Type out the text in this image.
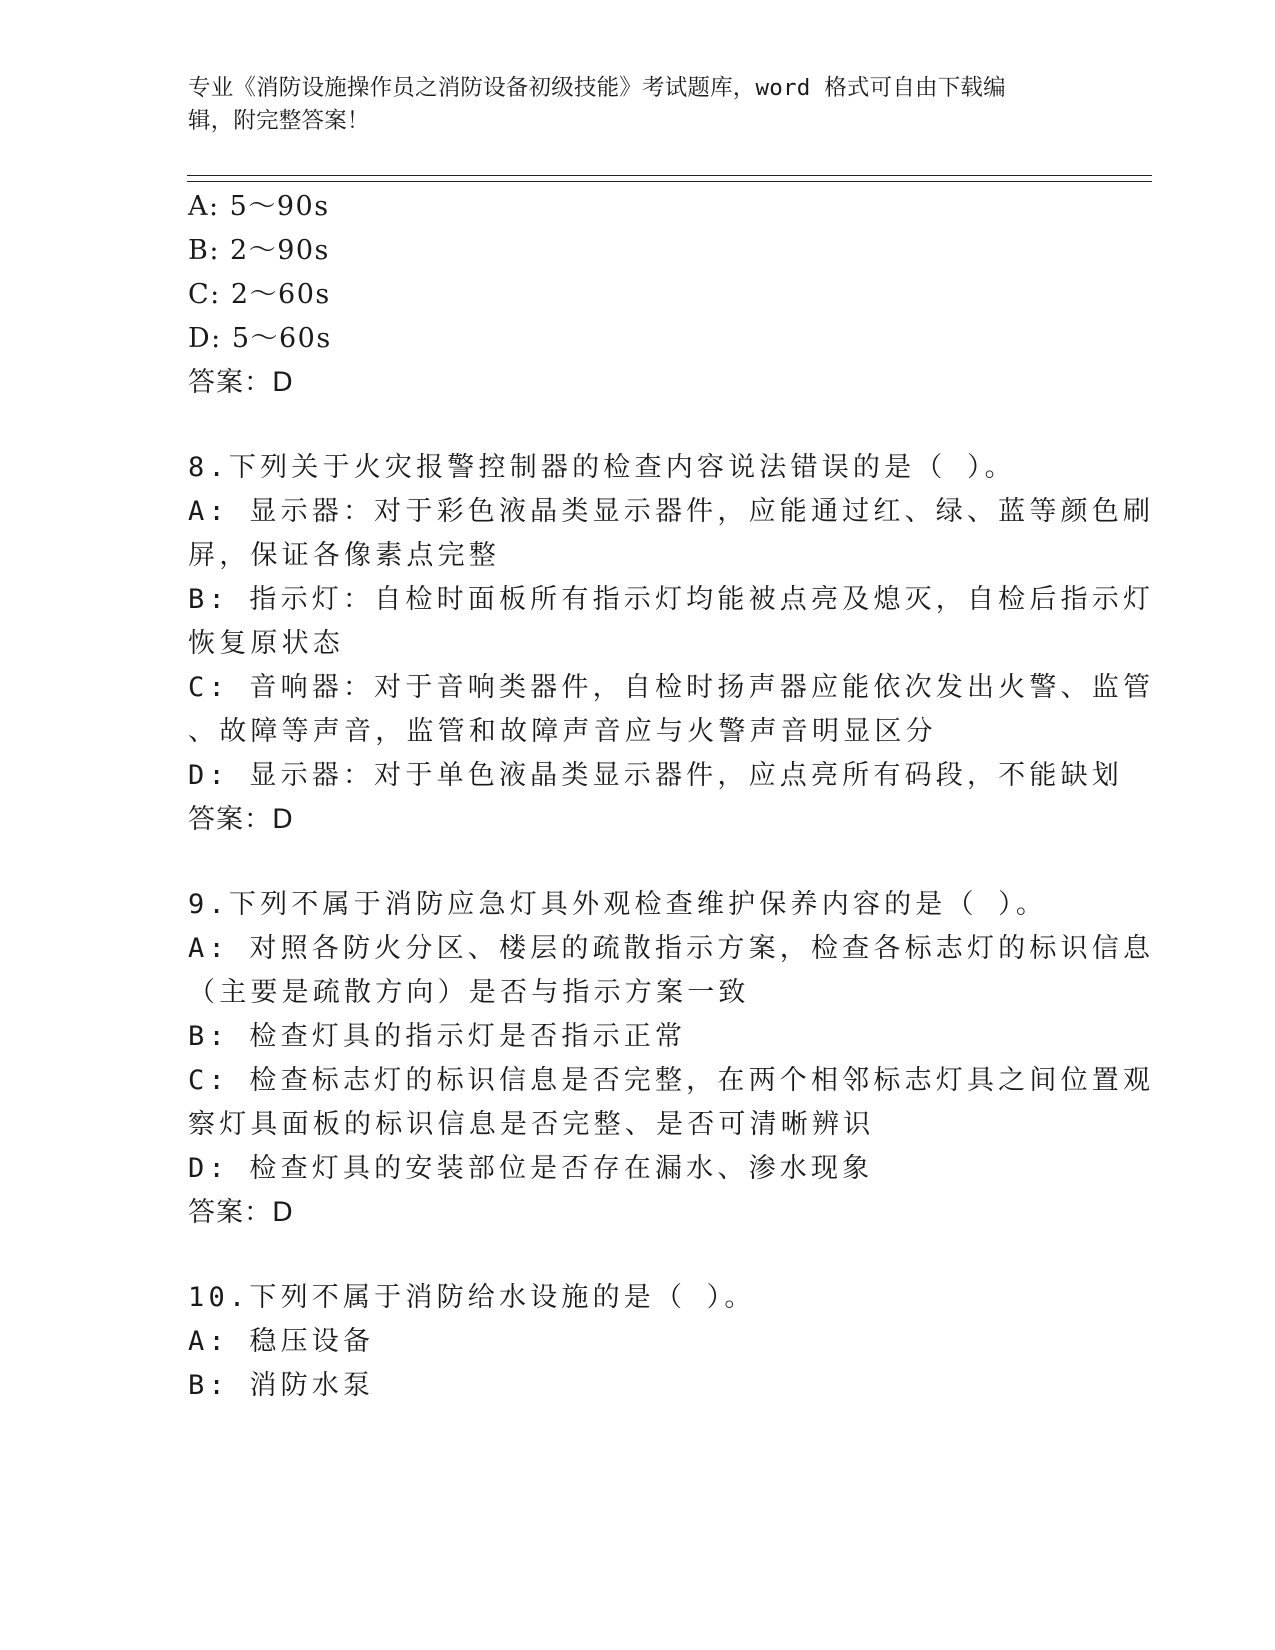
专业《消防设施操作员之消防设备初级技能》考试题库，word 格式可自由下载编
辑，附完整答案！
A: 5～90s
B: 2～90s
C: 2～60s
D: 5～60s
答案：D
8.下列关于火灾报警控制器的检查内容说法错误的是（ ）。
A: 显示器：对于彩色液晶类显示器件，应能通过红、绿、蓝等颜色刷
屏，保证各像素点完整
B: 指示灯：自检时面板所有指示灯均能被点亮及熄灭，自检后指示灯
恢复原状态
C: 音响器：对于音响类器件，自检时扬声器应能依次发出火警、监管
、故障等声音，监管和故障声音应与火警声音明显区分
D: 显示器：对于单色液晶类显示器件，应点亮所有码段，不能缺划
答案：D
9.下列不属于消防应急灯具外观检查维护保养内容的是（ ）。
A: 对照各防火分区、楼层的疏散指示方案，检查各标志灯的标识信息
（主要是疏散方向）是否与指示方案一致
B: 检查灯具的指示灯是否指示正常
C: 检查标志灯的标识信息是否完整，在两个相邻标志灯具之间位置观
察灯具面板的标识信息是否完整、是否可清晰辨识
D: 检查灯具的安装部位是否存在漏水、渗水现象
答案：D
10.下列不属于消防给水设施的是（ ）。
A: 稳压设备
B: 消防水泵
